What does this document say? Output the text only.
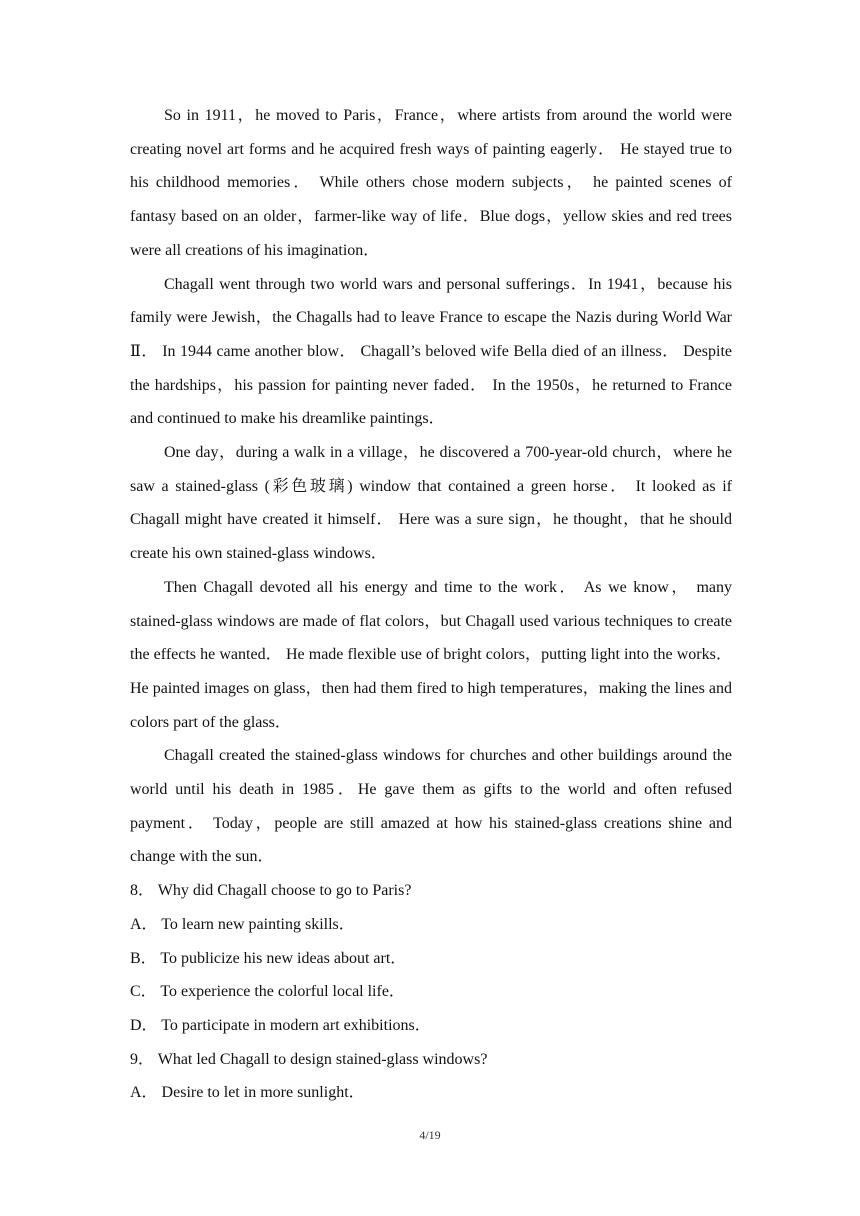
So in 1911，he moved to Paris，France，where artists from around the world were creating novel art forms and he acquired fresh ways of painting eagerly． He stayed true to his childhood memories． While others chose modern subjects， he painted scenes of fantasy based on an older，farmer-like way of life．Blue dogs，yellow skies and red trees were all creations of his imagination．

Chagall went through two world wars and personal sufferings．In 1941，because his family were Jewish，the Chagalls had to leave France to escape the Nazis during World War Ⅱ． In 1944 came another blow． Chagall’s beloved wife Bella died of an illness． Despite the hardships，his passion for painting never faded． In the 1950s，he returned to France and continued to make his dreamlike paintings．

One day，during a walk in a village，he discovered a 700-year-old church，where he saw a stained-glass (彩色玻璃) window that contained a green horse． It looked as if Chagall might have created it himself． Here was a sure sign，he thought，that he should create his own stained-glass windows．

Then Chagall devoted all his energy and time to the work． As we know， many stained-glass windows are made of flat colors，but Chagall used various techniques to create the effects he wanted． He made flexible use of bright colors，putting light into the works． He painted images on glass，then had them fired to high temperatures，making the lines and colors part of the glass．

Chagall created the stained-glass windows for churches and other buildings around the world until his death in 1985．He gave them as gifts to the world and often refused payment． Today，people are still amazed at how his stained-glass creations shine and change with the sun．

8． Why did Chagall choose to go to Paris?

A． To learn new painting skills．

B． To publicize his new ideas about art．

C． To experience the colorful local life．

D． To participate in modern art exhibitions．

9． What led Chagall to design stained-glass windows?

A． Desire to let in more sunlight．

4/19
